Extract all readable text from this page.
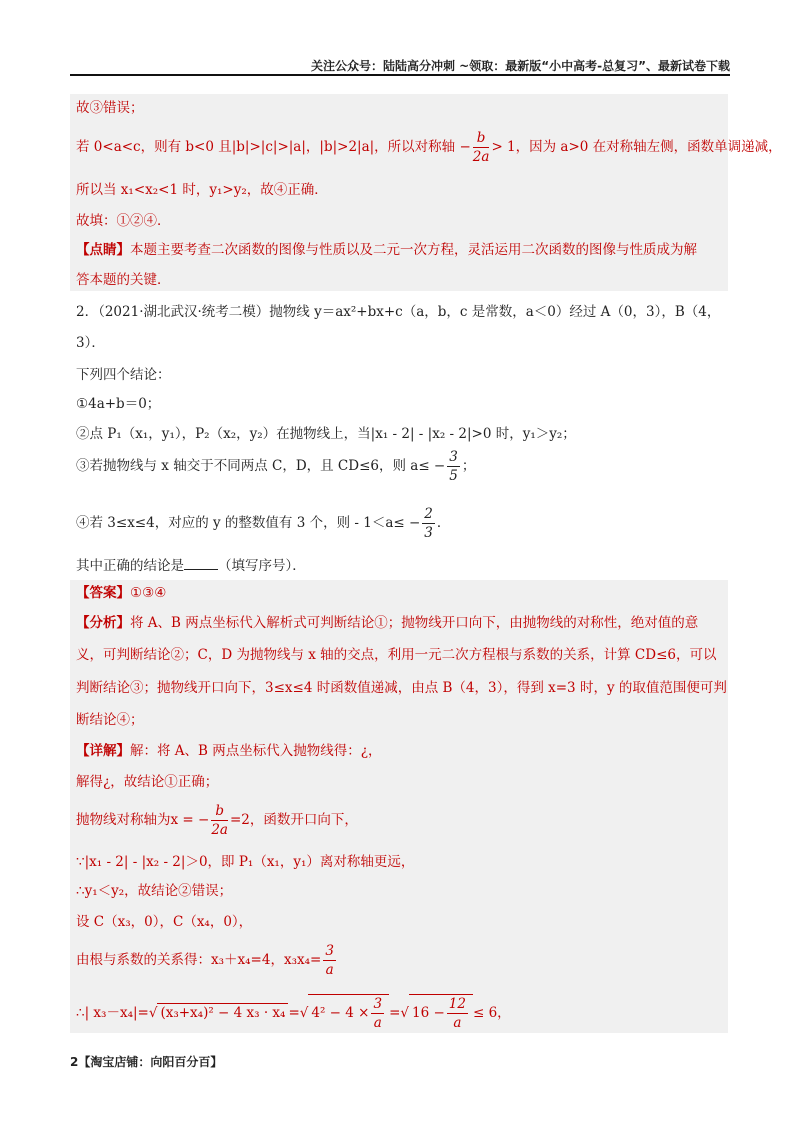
关注公众号：陆陆高分冲刺 ~领取：最新版“小中高考-总复习”、最新试卷下载
故③错误；
若 0<a<c，则有 b<0 且|b|>|c|>|a|，|b|>2|a|，所以对称轴 − $\frac{b}{2a} > 1$，因为 a>0 在对称轴左侧，函数单调递减，
所以当 x₁<x₂<1 时，y₁>y₂，故④正确．
故填：①②④．
【点睛】本题主要考查二次函数的图像与性质以及二元一次方程，灵活运用二次函数的图像与性质成为解
答本题的关键．
2．（2021·湖北武汉·统考二模）抛物线 y＝ax²+bx+c（a，b，c 是常数，a＜0）经过 A（0，3），B（4，
3）．
下列四个结论：
①4a+b＝0；
②点 P₁（x₁，y₁），P₂（x₂，y₂）在抛物线上，当|x₁ - 2| - |x₂ - 2|>0 时，y₁＞y₂；
③若抛物线与 x 轴交于不同两点 C，D，且 CD≤6，则 $a\le - \frac{3}{5}$ ；
④若 3≤x≤4，对应的 y 的整数值有 3 个，则 - $1<a\le - \frac{2}{3}$ ．
其中正确的结论是	（填写序号）．
【答案】①③④
【分析】将 A、B 两点坐标代入解析式可判断结论①；抛物线开口向下，由抛物线的对称性，绝对值的意
义，可判断结论②；C，D 为抛物线与 x 轴的交点，利用一元二次方程根与系数的关系，计算 CD≤6，可以
判断结论③；抛物线开口向下，3≤x≤4 时函数值递减，由点 B（4，3），得到 x=3 时，y 的取值范围便可判
断结论④；
【详解】解：将 A、B 两点坐标代入抛物线得：¿，
解得¿，故结论①正确；
抛物线对称轴为x = − $\frac{b}{2a} =2$，函数开口向下，
∵|x₁ - 2| - |x₂ - 2|＞0，即 P₁（x₁，y₁）离对称轴更远，
∴y₁＜y₂，故结论②错误；
设 C（x₃，0），C（x₄，0），
由根与系数的关系得：x₃＋x₄=4，$x_3x_4= \frac{3}{a}$
∴| x₃－x₄|=√ (x₃+x₄)² − 4 x₃ · x₄ =√ $4^2 - 4 \times \frac{3}{a}$ =√ $16 - \frac{12}{a} \le 6$，
2【淘宝店铺：向阳百分百】
